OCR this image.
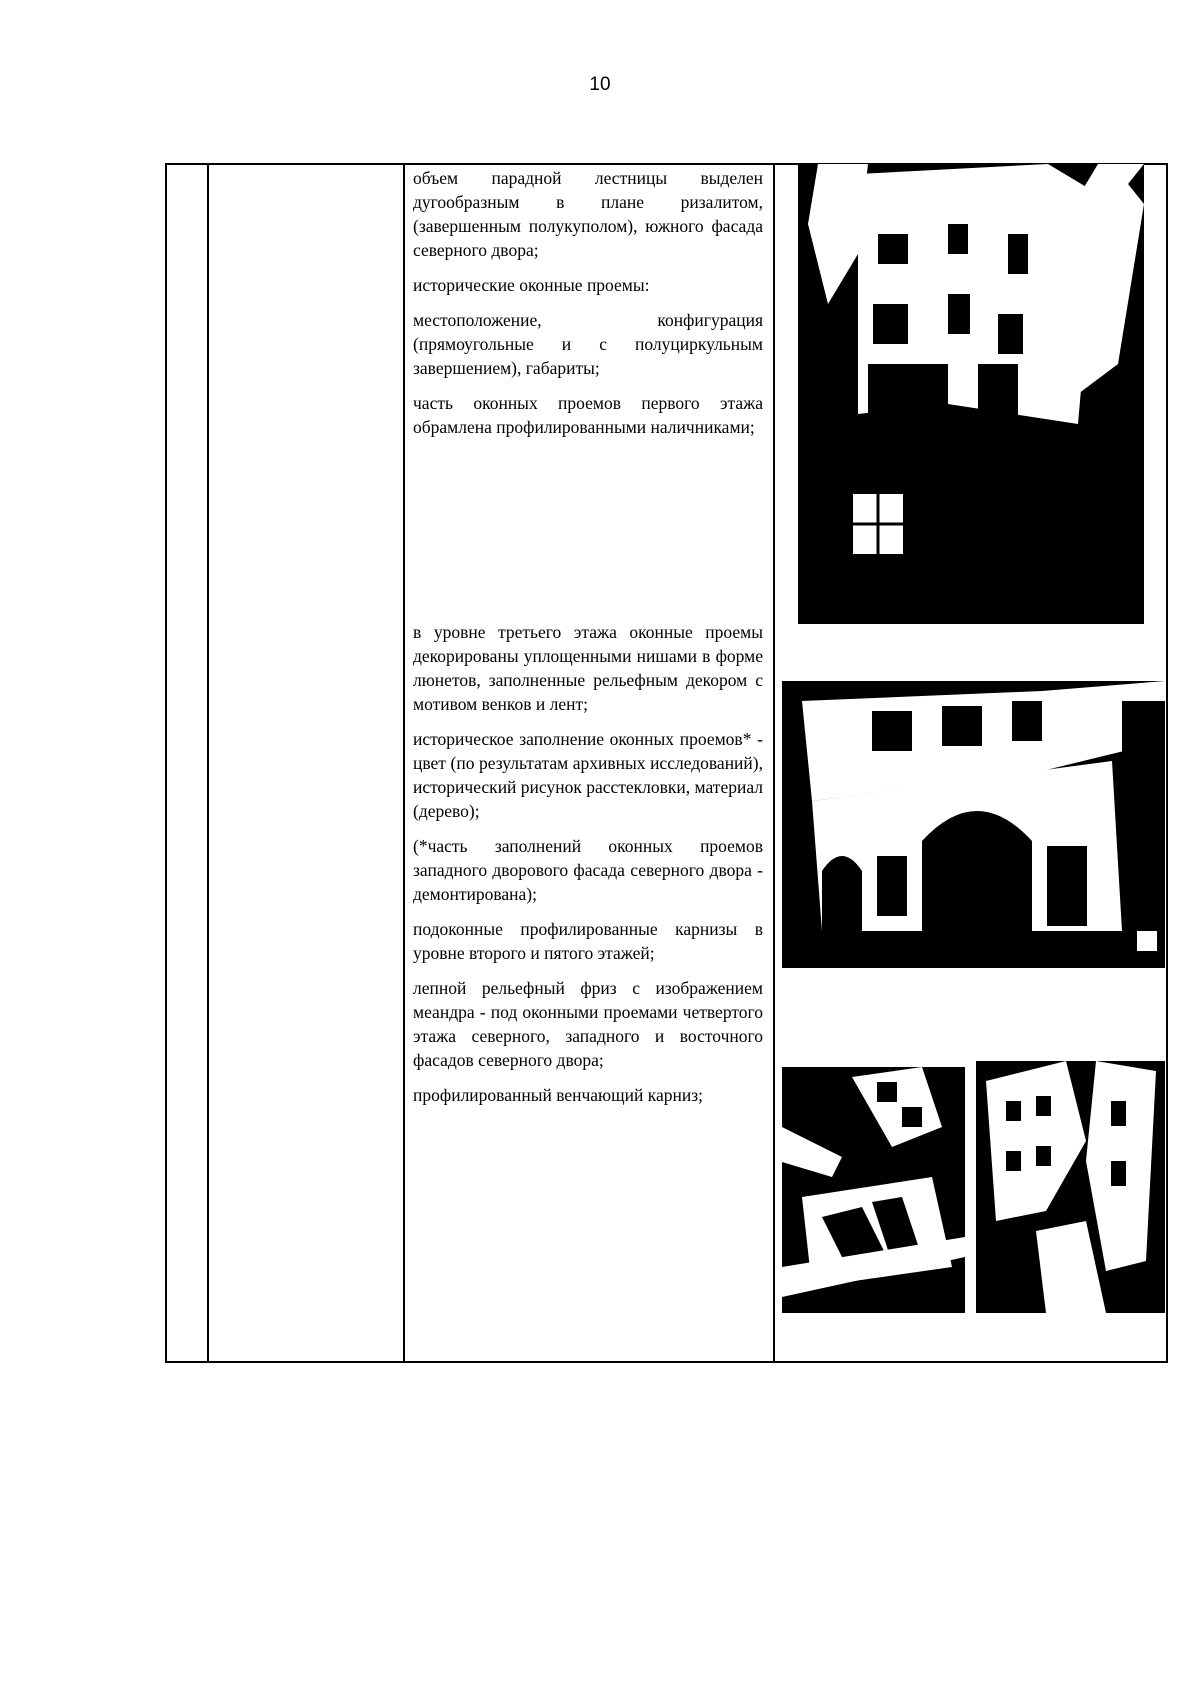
10

объем парадной лестницы выделен дугообразным в плане ризалитом, (завершенным полукуполом), южного фасада северного двора;

исторические оконные проемы:

местоположение, конфигурация (прямоугольные и с полуциркульным завершением), габариты;

часть оконных проемов первого этажа обрамлена профилированными наличниками;

в уровне третьего этажа оконные проемы декорированы уплощенными нишами в форме люнетов, заполненные рельефным декором с мотивом венков и лент;

историческое заполнение оконных проемов* - цвет (по результатам архивных исследований), исторический рисунок расстекловки, материал (дерево);

(*часть заполнений оконных проемов западного дворового фасада северного двора - демонтирована);

подоконные профилированные карнизы в уровне второго и пятого этажей;

лепной рельефный фриз с изображением меандра - под оконными проемами четвертого этажа северного, западного и восточного фасадов северного двора;

профилированный венчающий карниз;
